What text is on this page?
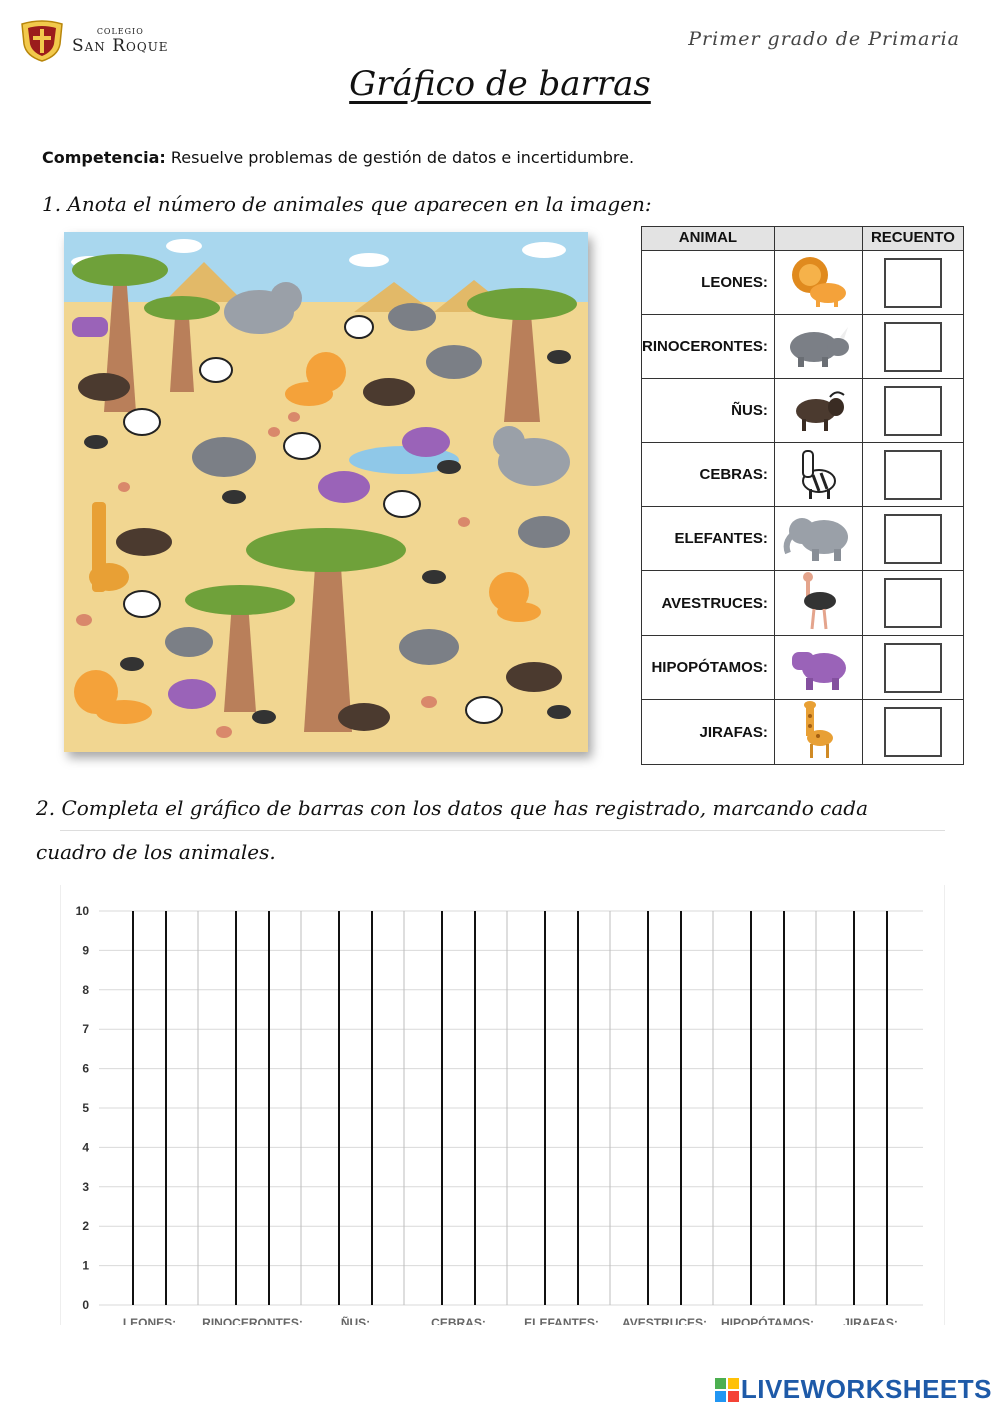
COLEGIO
San Roque	Primer grado de Primaria
Gráfico de barras
Competencia: Resuelve problemas de gestión de datos e incertidumbre.
1. Anota el número de animales que aparecen en la imagen:
ANIMAL		RECUENTO
LEONES:		
RINOCERONTES:		
ÑUS:		
CEBRAS:		
ELEFANTES:		
AVESTRUCES:		
HIPOPÓTAMOS:		
JIRAFAS:		
2. Completa el gráfico de barras con los datos que has registrado, marcando cada
cuadro de los animales.
0
1
2
3
4
5
6
7
8
9
10
LEONES: RINOCERONTES:	ÑUS:	CEBRAS:	ELEFANTES: AVESTRUCES: HIPOPÓTAMOS: JIRAFAS:
LIVEWORKSHEETS
